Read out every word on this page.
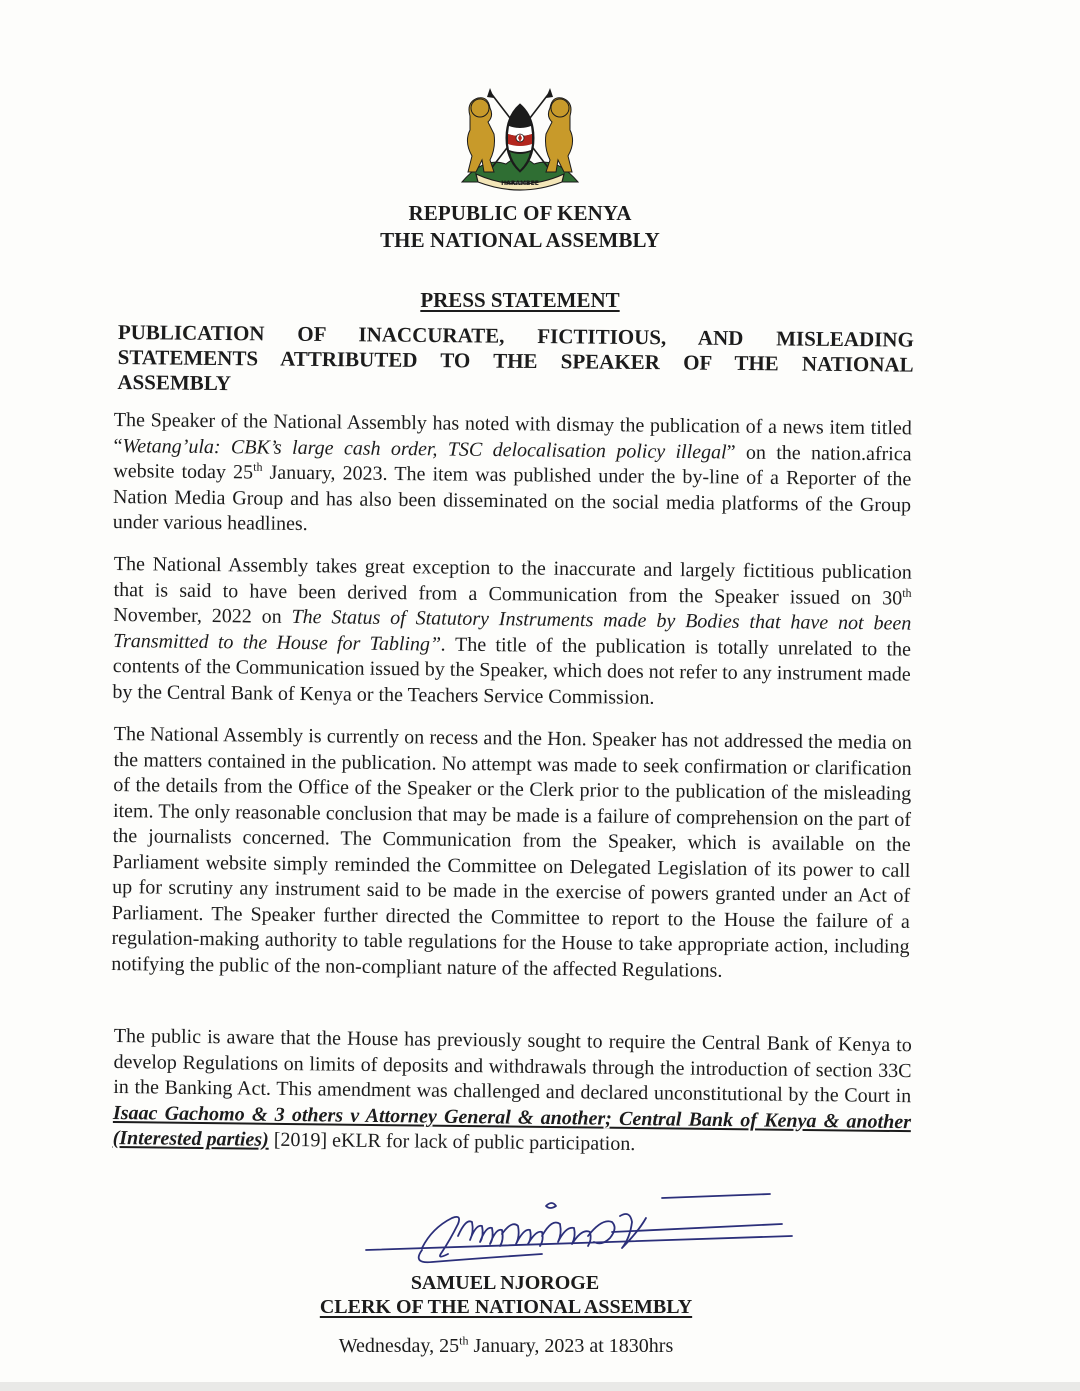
HARAMBEE
REPUBLIC OF KENYA
THE NATIONAL ASSEMBLY
PRESS STATEMENT
PUBLICATION OF INACCURATE, FICTITIOUS, AND MISLEADING STATEMENTS ATTRIBUTED TO THE SPEAKER OF THE NATIONAL ASSEMBLY
The Speaker of the National Assembly has noted with dismay the publication of a news item titled “Wetang’ula: CBK’s large cash order, TSC delocalisation policy illegal” on the nation.africa website today 25th January, 2023. The item was published under the by-line of a Reporter of the Nation Media Group and has also been disseminated on the social media platforms of the Group under various headlines.
The National Assembly takes great exception to the inaccurate and largely fictitious publication that is said to have been derived from a Communication from the Speaker issued on 30th November, 2022 on The Status of Statutory Instruments made by Bodies that have not been Transmitted to the House for Tabling”. The title of the publication is totally unrelated to the contents of the Communication issued by the Speaker, which does not refer to any instrument made by the Central Bank of Kenya or the Teachers Service Commission.
The National Assembly is currently on recess and the Hon. Speaker has not addressed the media on the matters contained in the publication. No attempt was made to seek confirmation or clarification of the details from the Office of the Speaker or the Clerk prior to the publication of the misleading item. The only reasonable conclusion that may be made is a failure of comprehension on the part of the journalists concerned. The Communication from the Speaker, which is available on the Parliament website simply reminded the Committee on Delegated Legislation of its power to call up for scrutiny any instrument said to be made in the exercise of powers granted under an Act of Parliament. The Speaker further directed the Committee to report to the House the failure of a regulation-making authority to table regulations for the House to take appropriate action, including notifying the public of the non-compliant nature of the affected Regulations.
The public is aware that the House has previously sought to require the Central Bank of Kenya to develop Regulations on limits of deposits and withdrawals through the introduction of section 33C in the Banking Act. This amendment was challenged and declared unconstitutional by the Court in Isaac Gachomo & 3 others v Attorney General & another; Central Bank of Kenya & another (Interested parties) [2019] eKLR for lack of public participation.
SAMUEL NJOROGE
CLERK OF THE NATIONAL ASSEMBLY
Wednesday, 25th January, 2023 at 1830hrs
